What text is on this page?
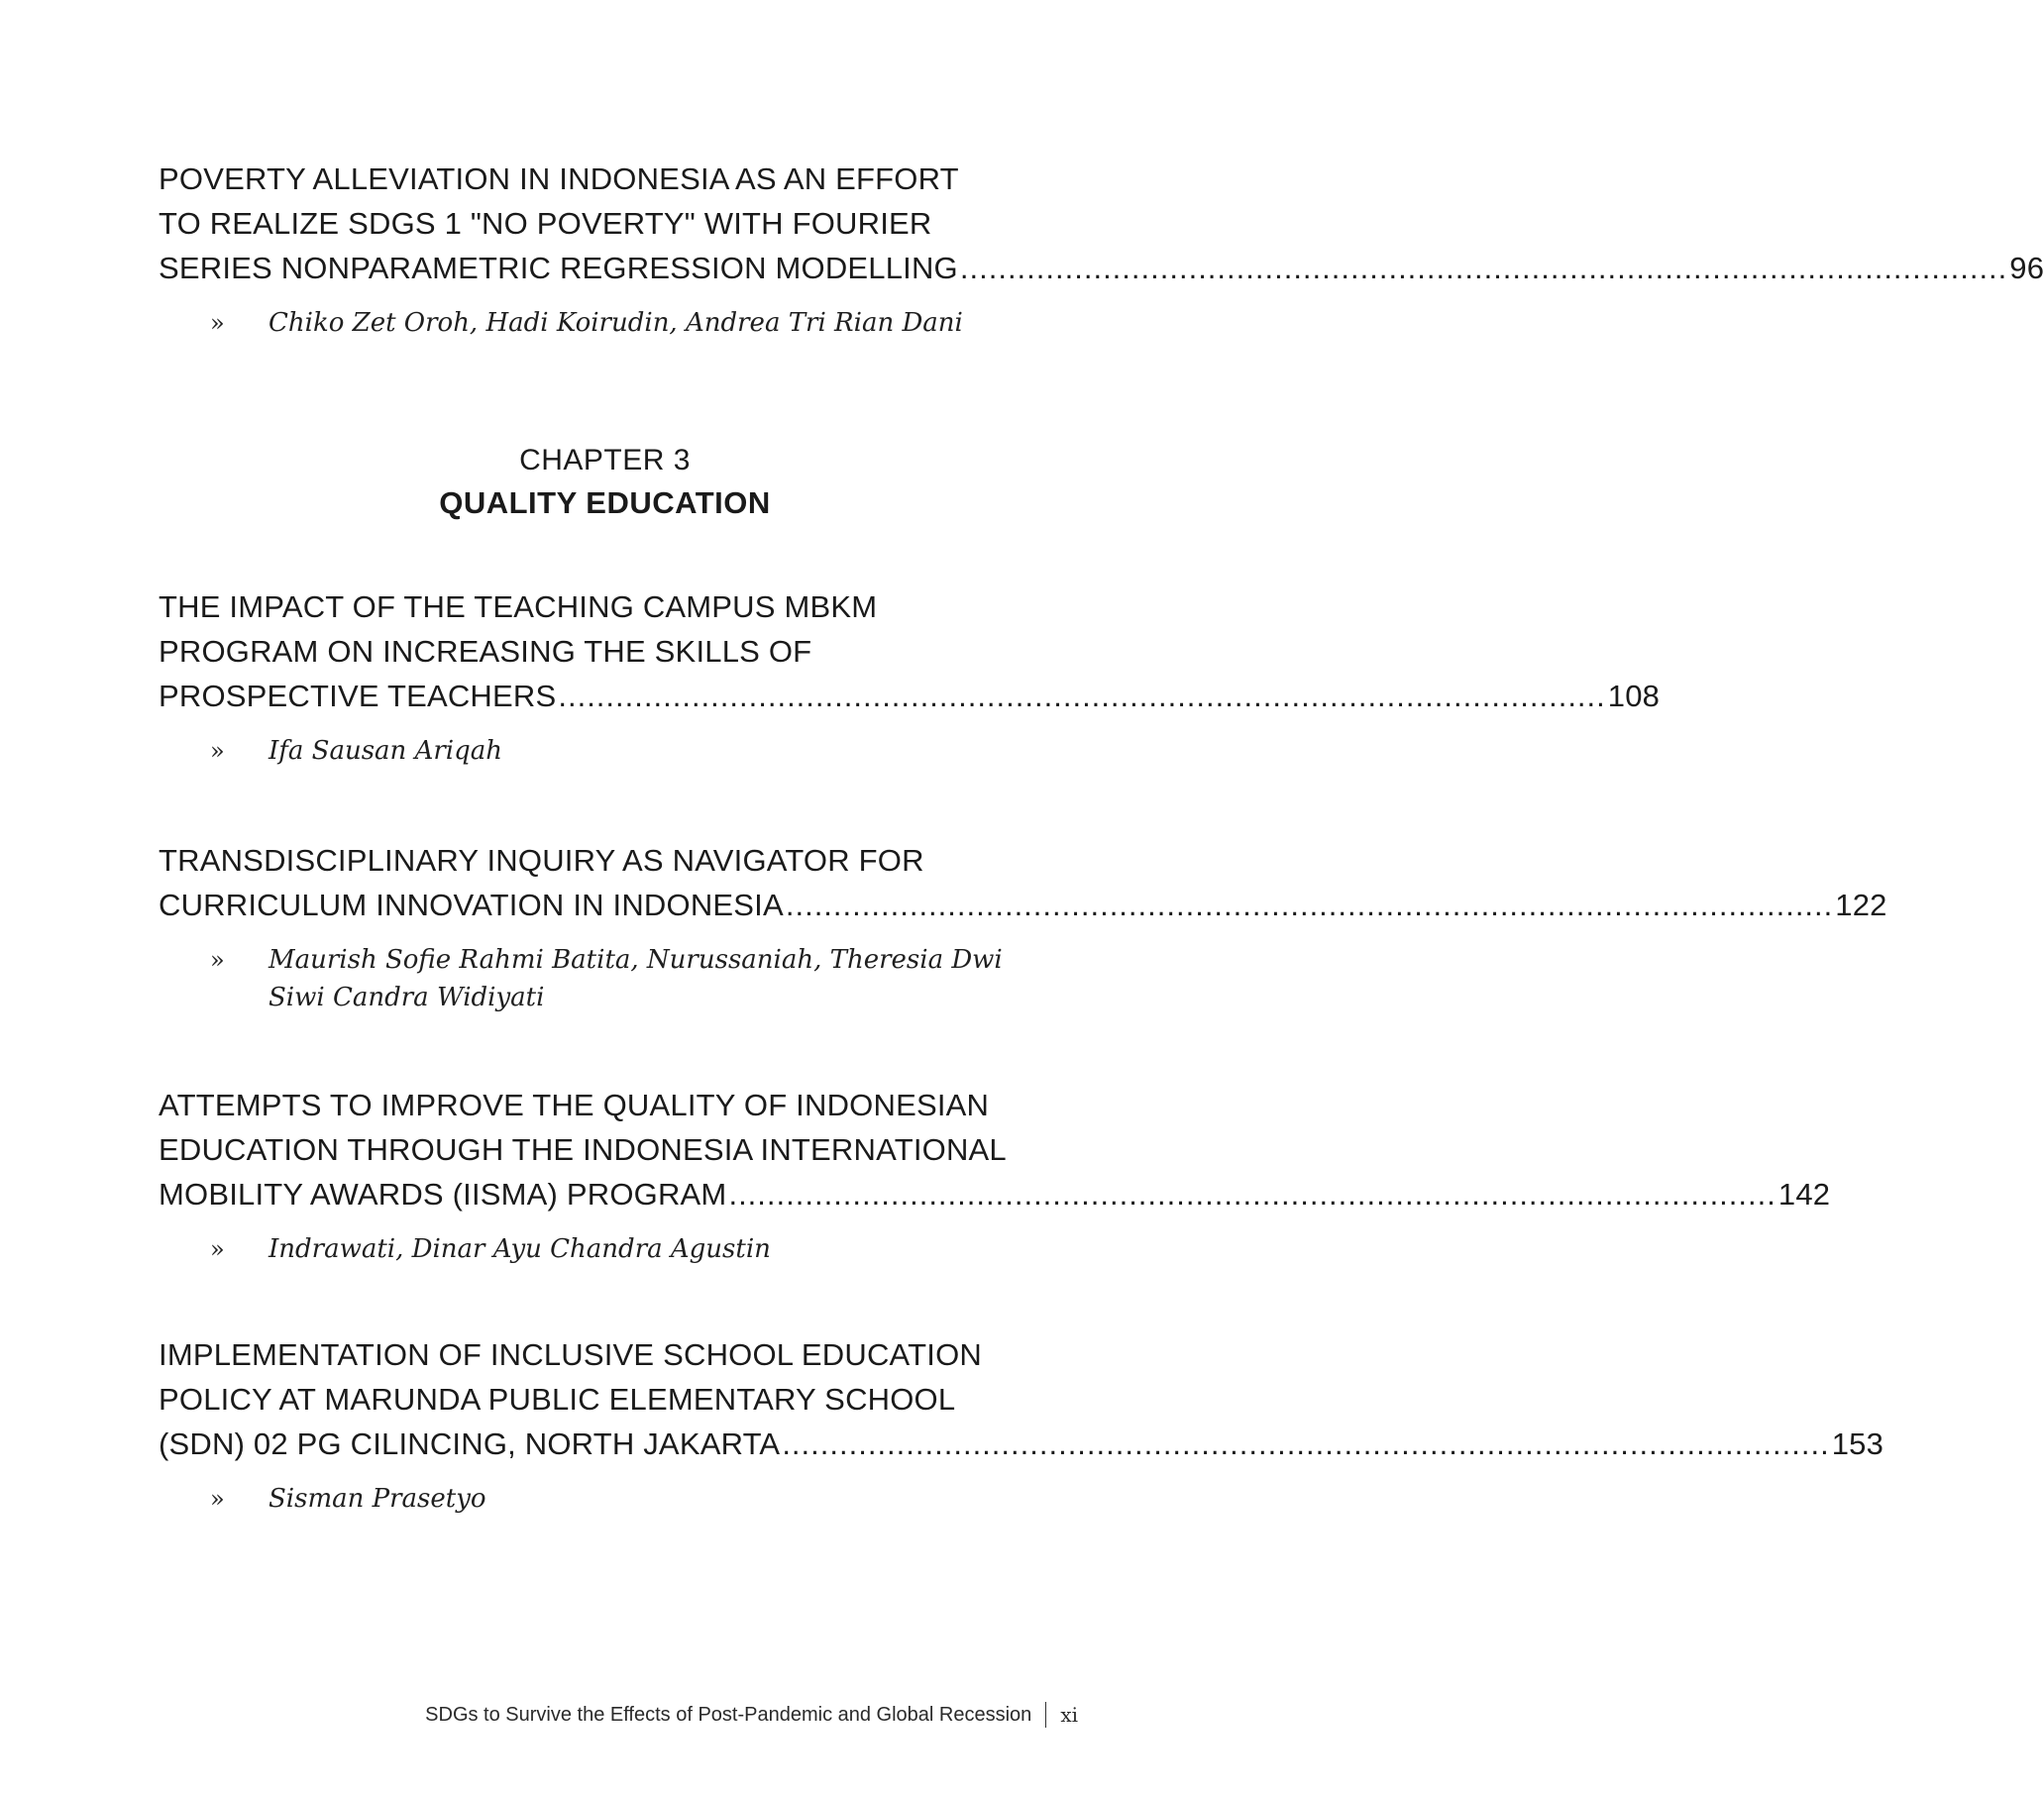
POVERTY ALLEVIATION IN INDONESIA AS AN EFFORT
TO REALIZE SDGS 1 "NO POVERTY" WITH FOURIER
SERIES NONPARAMETRIC REGRESSION MODELLING .............................................................................................................. 96
» Chiko Zet Oroh, Hadi Koirudin, Andrea Tri Rian Dani
CHAPTER 3
QUALITY EDUCATION
THE IMPACT OF THE TEACHING CAMPUS MBKM
PROGRAM ON INCREASING THE SKILLS OF
PROSPECTIVE TEACHERS .............................................................................................................. 108
» Ifa Sausan Ariqah
TRANSDISCIPLINARY INQUIRY AS NAVIGATOR FOR
CURRICULUM INNOVATION IN INDONESIA .............................................................................................................. 122
» Maurish Sofie Rahmi Batita, Nurussaniah, Theresia Dwi
Siwi Candra Widiyati
ATTEMPTS TO IMPROVE THE QUALITY OF INDONESIAN
EDUCATION THROUGH THE INDONESIA INTERNATIONAL
MOBILITY AWARDS (IISMA) PROGRAM .............................................................................................................. 142
» Indrawati, Dinar Ayu Chandra Agustin
IMPLEMENTATION OF INCLUSIVE SCHOOL EDUCATION
POLICY AT MARUNDA PUBLIC ELEMENTARY SCHOOL
(SDN) 02 PG CILINCING, NORTH JAKARTA .............................................................................................................. 153
» Sisman Prasetyo
SDGs to Survive the Effects of Post-Pandemic and Global Recession xi
